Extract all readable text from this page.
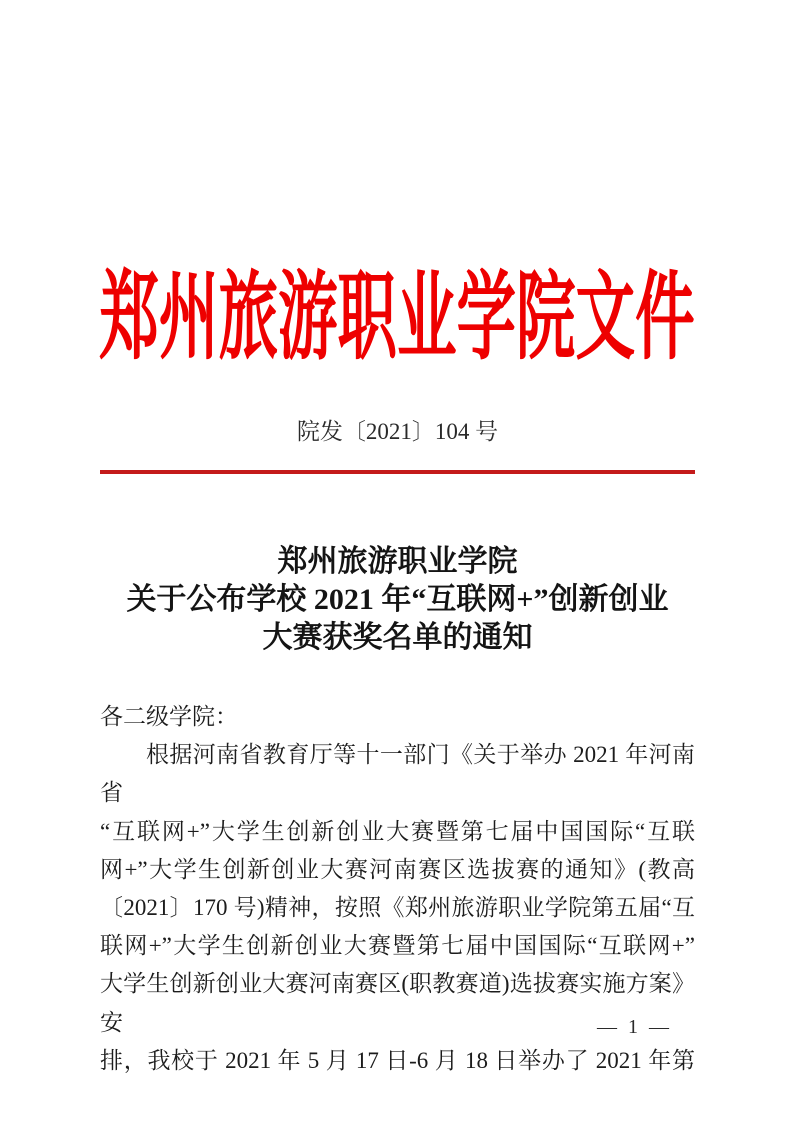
郑州旅游职业学院文件
院发〔2021〕104 号
郑州旅游职业学院
关于公布学校 2021 年“互联网+”创新创业
大赛获奖名单的通知
各二级学院：
根据河南省教育厅等十一部门《关于举办 2021 年河南省
“互联网+”大学生创新创业大赛暨第七届中国国际“互联
网+”大学生创新创业大赛河南赛区选拔赛的通知》(教高
〔2021〕170 号)精神，按照《郑州旅游职业学院第五届“互
联网+”大学生创新创业大赛暨第七届中国国际“互联网+”
大学生创新创业大赛河南赛区(职教赛道)选拔赛实施方案》安
排，我校于 2021 年 5 月 17 日-6 月 18 日举办了 2021 年第
— 1 —
